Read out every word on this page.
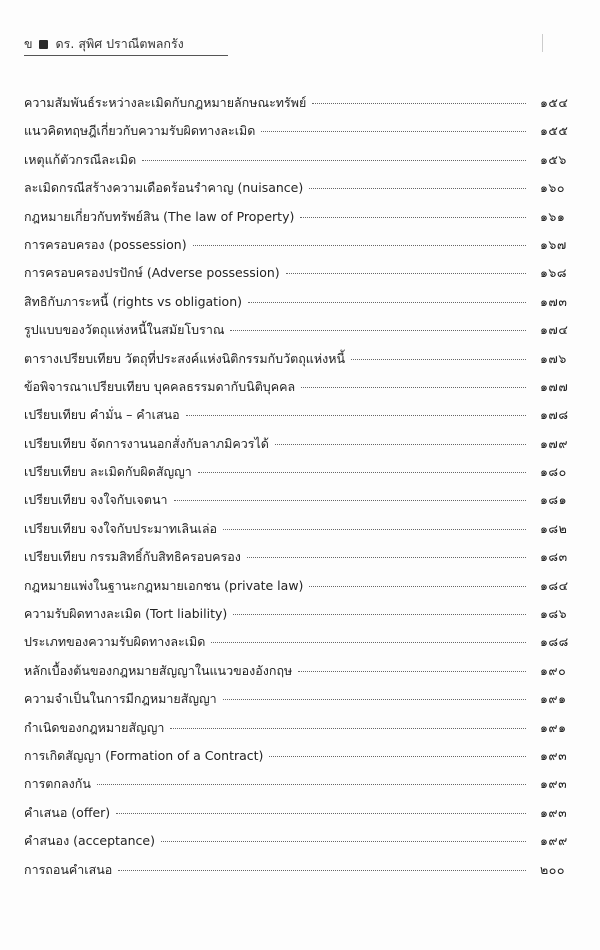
ข ดร. สุพิศ ปราณีตพลกรัง
ความสัมพันธ์ระหว่างละเมิดกับกฎหมายลักษณะทรัพย์	๑๕๔
แนวคิดทฤษฎีเกี่ยวกับความรับผิดทางละเมิด	๑๕๕
เหตุแก้ตัวกรณีละเมิด	๑๕๖
ละเมิดกรณีสร้างความเดือดร้อนรำคาญ (nuisance)	๑๖๐
กฎหมายเกี่ยวกับทรัพย์สิน (The law of Property)	๑๖๑
การครอบครอง (possession)	๑๖๗
การครอบครองปรปักษ์ (Adverse possession)	๑๖๘
สิทธิกับภาระหนี้ (rights vs obligation)	๑๗๓
รูปแบบของวัตถุแห่งหนี้ในสมัยโบราณ	๑๗๔
ตารางเปรียบเทียบ วัตถุที่ประสงค์แห่งนิติกรรมกับวัตถุแห่งหนี้	๑๗๖
ข้อพิจารณาเปรียบเทียบ บุคคลธรรมดากับนิติบุคคล	๑๗๗
เปรียบเทียบ คำมั่น – คำเสนอ	๑๗๘
เปรียบเทียบ จัดการงานนอกสั่งกับลาภมิควรได้	๑๗๙
เปรียบเทียบ ละเมิดกับผิดสัญญา	๑๘๐
เปรียบเทียบ จงใจกับเจตนา	๑๘๑
เปรียบเทียบ จงใจกับประมาทเลินเล่อ	๑๘๒
เปรียบเทียบ กรรมสิทธิ์กับสิทธิครอบครอง	๑๘๓
กฎหมายแพ่งในฐานะกฎหมายเอกชน (private law)	๑๘๔
ความรับผิดทางละเมิด (Tort liability)	๑๘๖
ประเภทของความรับผิดทางละเมิด	๑๘๘
หลักเบื้องต้นของกฎหมายสัญญาในแนวของอังกฤษ	๑๙๐
ความจำเป็นในการมีกฎหมายสัญญา	๑๙๑
กำเนิดของกฎหมายสัญญา	๑๙๑
การเกิดสัญญา (Formation of a Contract)	๑๙๓
การตกลงกัน	๑๙๓
คำเสนอ (offer)	๑๙๓
คำสนอง (acceptance)	๑๙๙
การถอนคำเสนอ	๒๐๐
